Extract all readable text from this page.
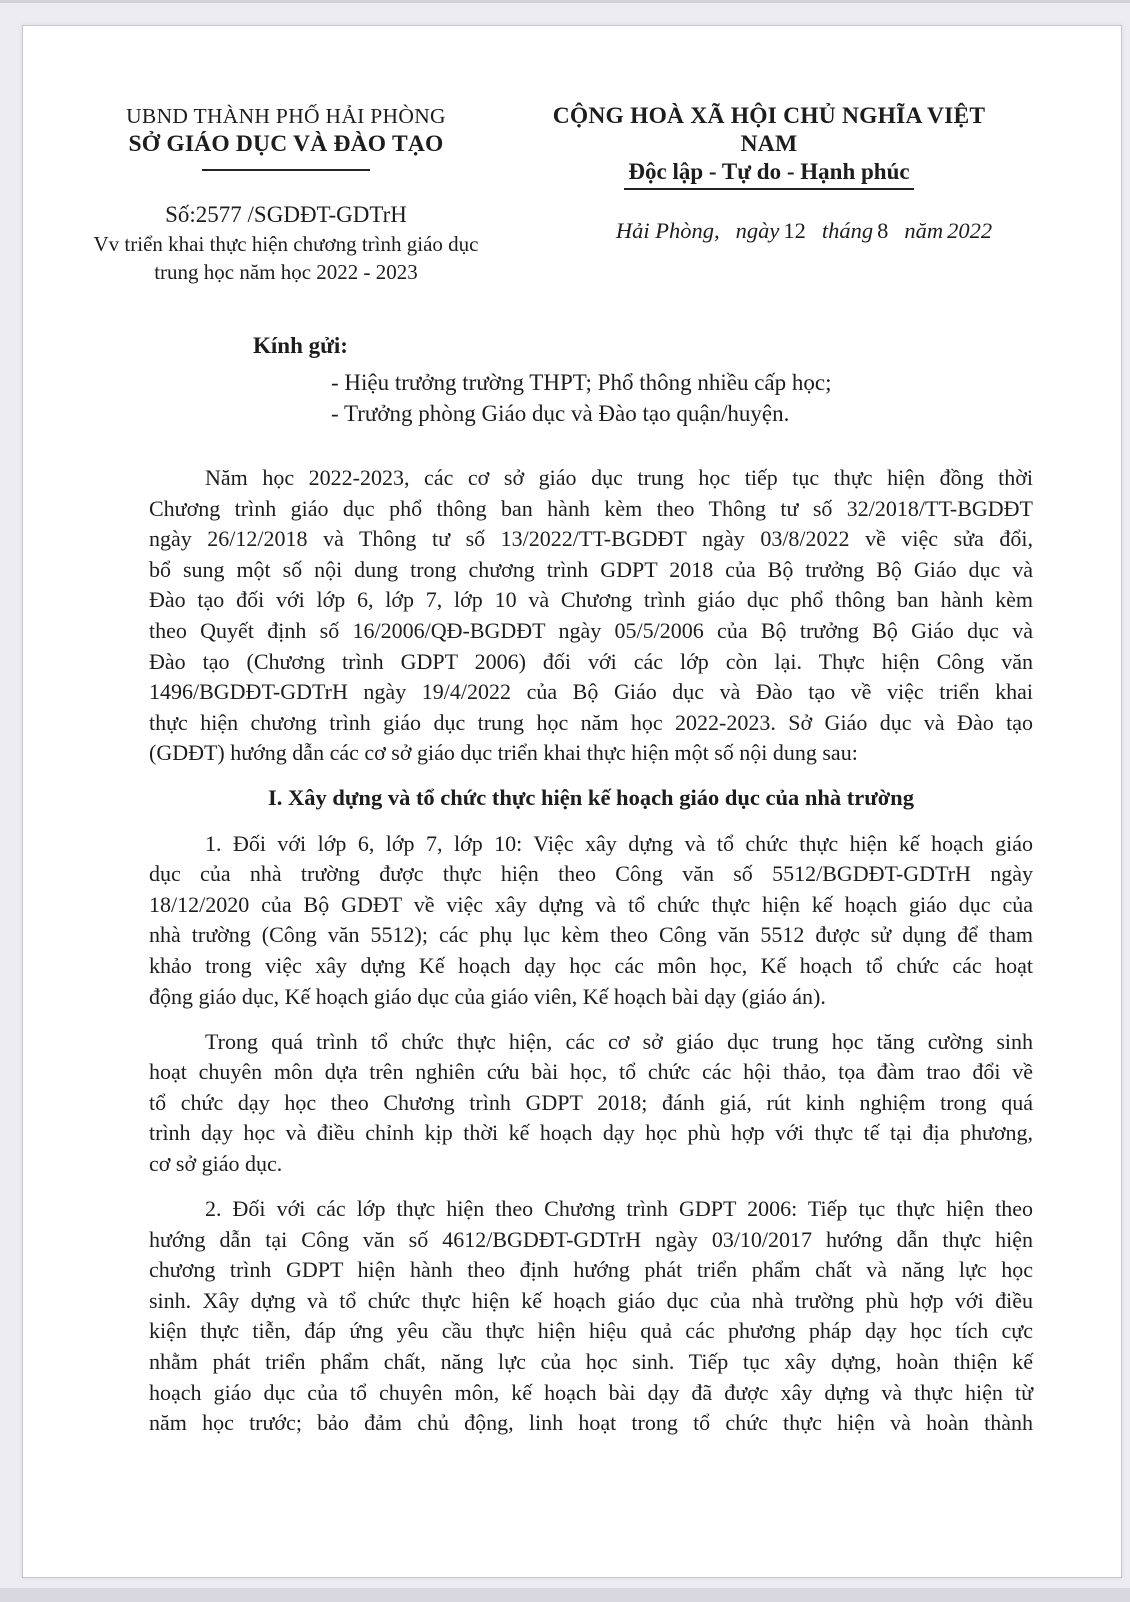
UBND THÀNH PHỐ HẢI PHÒNG
SỞ GIÁO DỤC VÀ ĐÀO TẠO
Số:2577 /SGDĐT-GDTrH
Vv triển khai thực hiện chương trình giáo dục
trung học năm học 2022 - 2023
CỘNG HOÀ XÃ HỘI CHỦ NGHĨA VIỆT NAM
Độc lập - Tự do - Hạnh phúc
Hải Phòng, ngày 12 tháng 8 năm 2022
Kính gửi:
- Hiệu trưởng trường THPT; Phổ thông nhiều cấp học;
- Trưởng phòng Giáo dục và Đào tạo quận/huyện.
Năm học 2022-2023, các cơ sở giáo dục trung học tiếp tục thực hiện đồng thời
Chương trình giáo dục phổ thông ban hành kèm theo Thông tư số 32/2018/TT-BGDĐT
ngày 26/12/2018 và Thông tư số 13/2022/TT-BGDĐT ngày 03/8/2022 về việc sửa đổi,
bổ sung một số nội dung trong chương trình GDPT 2018 của Bộ trưởng Bộ Giáo dục và
Đào tạo đối với lớp 6, lớp 7, lớp 10 và Chương trình giáo dục phổ thông ban hành kèm
theo Quyết định số 16/2006/QĐ-BGDĐT ngày 05/5/2006 của Bộ trưởng Bộ Giáo dục và
Đào tạo (Chương trình GDPT 2006) đối với các lớp còn lại. Thực hiện Công văn
1496/BGDĐT-GDTrH ngày 19/4/2022 của Bộ Giáo dục và Đào tạo về việc triển khai
thực hiện chương trình giáo dục trung học năm học 2022-2023. Sở Giáo dục và Đào tạo
(GDĐT) hướng dẫn các cơ sở giáo dục triển khai thực hiện một số nội dung sau:
I. Xây dựng và tổ chức thực hiện kế hoạch giáo dục của nhà trường
1. Đối với lớp 6, lớp 7, lớp 10: Việc xây dựng và tổ chức thực hiện kế hoạch giáo
dục của nhà trường được thực hiện theo Công văn số 5512/BGDĐT-GDTrH ngày
18/12/2020 của Bộ GDĐT về việc xây dựng và tổ chức thực hiện kế hoạch giáo dục của
nhà trường (Công văn 5512); các phụ lục kèm theo Công văn 5512 được sử dụng để tham
khảo trong việc xây dựng Kế hoạch dạy học các môn học, Kế hoạch tổ chức các hoạt
động giáo dục, Kế hoạch giáo dục của giáo viên, Kế hoạch bài dạy (giáo án).
Trong quá trình tổ chức thực hiện, các cơ sở giáo dục trung học tăng cường sinh
hoạt chuyên môn dựa trên nghiên cứu bài học, tổ chức các hội thảo, tọa đàm trao đổi về
tổ chức dạy học theo Chương trình GDPT 2018; đánh giá, rút kinh nghiệm trong quá
trình dạy học và điều chỉnh kịp thời kế hoạch dạy học phù hợp với thực tế tại địa phương,
cơ sở giáo dục.
2. Đối với các lớp thực hiện theo Chương trình GDPT 2006: Tiếp tục thực hiện theo
hướng dẫn tại Công văn số 4612/BGDĐT-GDTrH ngày 03/10/2017 hướng dẫn thực hiện
chương trình GDPT hiện hành theo định hướng phát triển phẩm chất và năng lực học
sinh. Xây dựng và tổ chức thực hiện kế hoạch giáo dục của nhà trường phù hợp với điều
kiện thực tiễn, đáp ứng yêu cầu thực hiện hiệu quả các phương pháp dạy học tích cực
nhằm phát triển phẩm chất, năng lực của học sinh. Tiếp tục xây dựng, hoàn thiện kế
hoạch giáo dục của tổ chuyên môn, kế hoạch bài dạy đã được xây dựng và thực hiện từ
năm học trước; bảo đảm chủ động, linh hoạt trong tổ chức thực hiện và hoàn thành
